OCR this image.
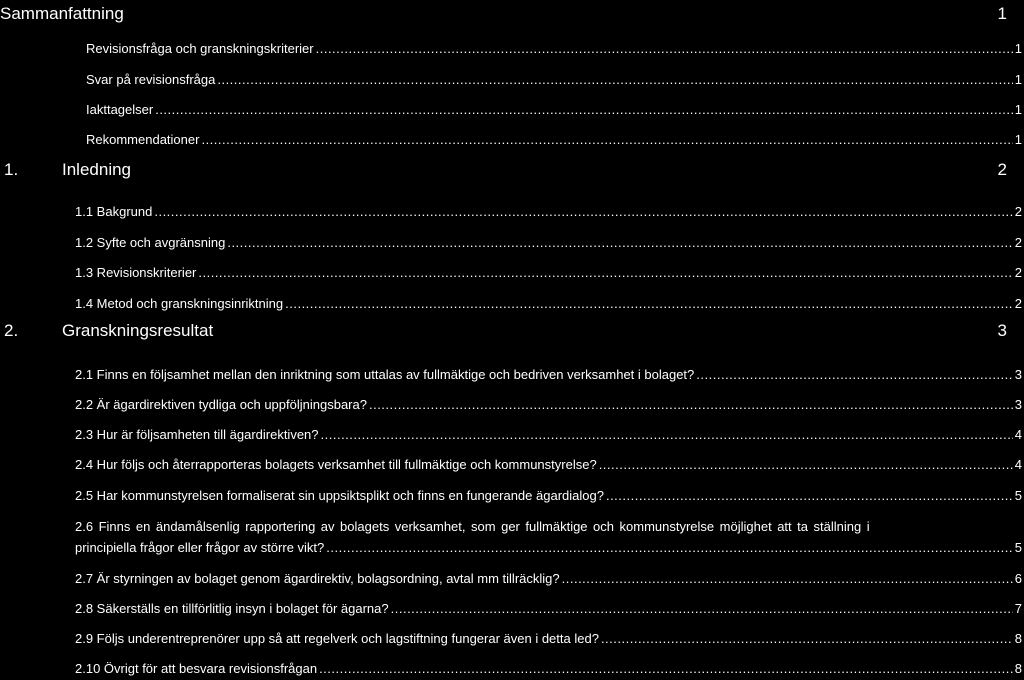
Sammanfattning	1
Revisionsfråga och granskningskriterier .....	1
Svar på revisionsfråga .....	1
Iakttagelser .....	1
Rekommendationer .....	1
1.	Inledning	2
1.1 Bakgrund .....	2
1.2 Syfte och avgränsning .....	2
1.3 Revisionskriterier .....	2
1.4 Metod och granskningsinriktning .....	2
2.	Granskningsresultat	3
2.1 Finns en följsamhet mellan den inriktning som uttalas av fullmäktige och bedriven verksamhet i bolaget? .....	3
2.2 Är ägardirektiven tydliga och uppföljningsbara? .....	3
2.3 Hur är följsamheten till ägardirektiven? .....	4
2.4 Hur följs och återrapporteras bolagets verksamhet till fullmäktige och kommunstyrelse? .....	4
2.5 Har kommunstyrelsen formaliserat sin uppsiktsplikt och finns en fungerande ägardialog? .....	5
2.6 Finns en ändamålsenlig rapportering av bolagets verksamhet, som ger fullmäktige och kommunstyrelse möjlighet att ta ställning i
principiella frågor eller frågor av större vikt? .....	5
2.7 Är styrningen av bolaget genom ägardirektiv, bolagsordning, avtal mm tillräcklig? .....	6
2.8 Säkerställs en tillförlitlig insyn i bolaget för ägarna? .....	7
2.9 Följs underentreprenörer upp så att regelverk och lagstiftning fungerar även i detta led? .....	8
2.10 Övrigt för att besvara revisionsfrågan .....	8
